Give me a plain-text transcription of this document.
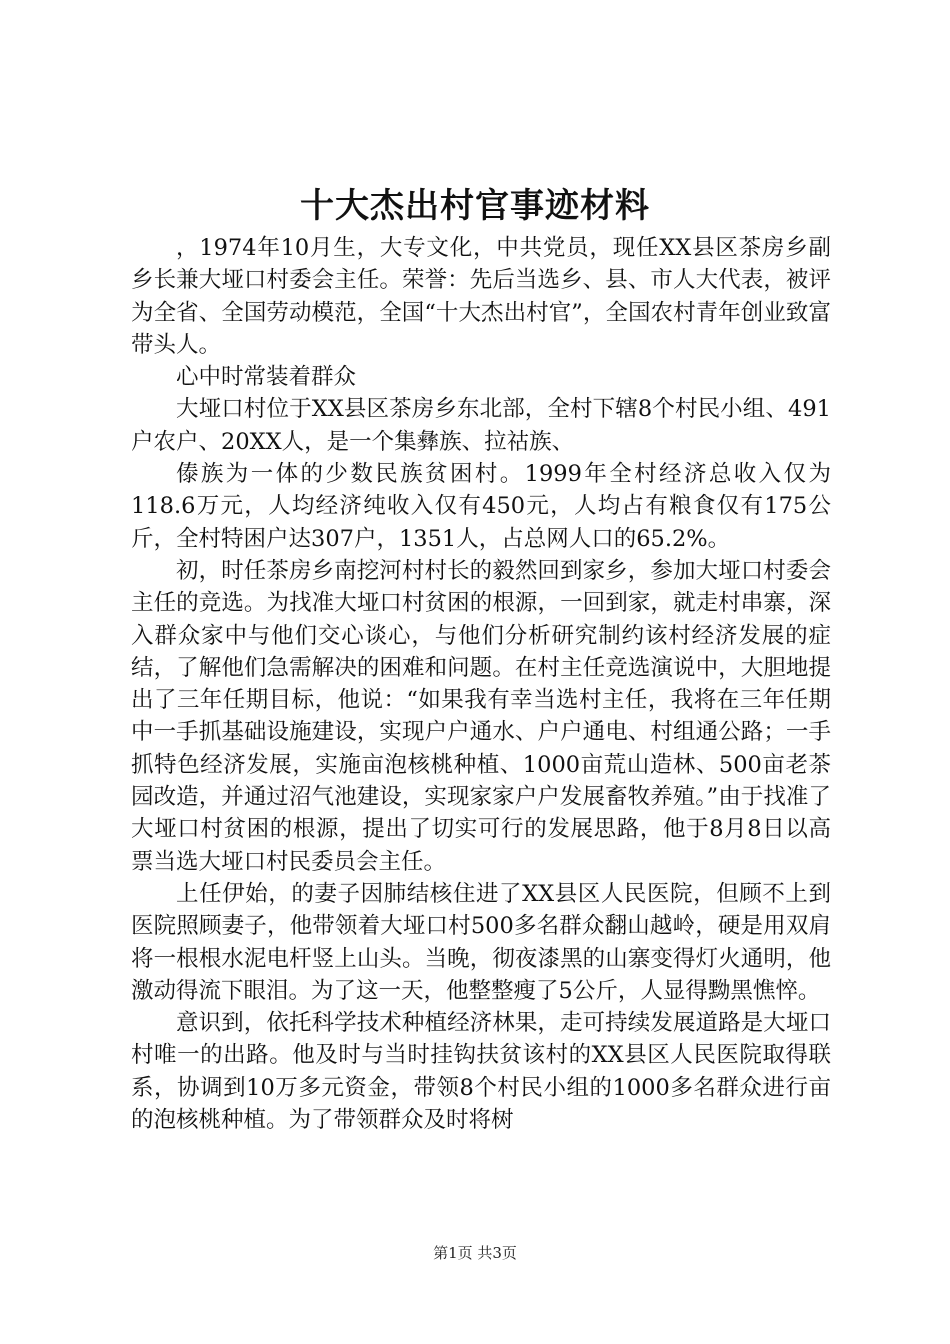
十大杰出村官事迹材料

，1974年10月生，大专文化，中共党员，现任XX县区茶房乡副乡长兼大垭口村委会主任。荣誉：先后当选乡、县、市人大代表，被评为全省、全国劳动模范，全国“十大杰出村官”，全国农村青年创业致富带头人。

心中时常装着群众

大垭口村位于XX县区茶房乡东北部，全村下辖8个村民小组、491户农户、20XX人，是一个集彝族、拉祜族、

傣族为一体的少数民族贫困村。1999年全村经济总收入仅为118.6万元，人均经济纯收入仅有450元，人均占有粮食仅有175公斤，全村特困户达307户，1351人，占总网人口的65.2%。

初，时任茶房乡南挖河村村长的毅然回到家乡，参加大垭口村委会主任的竞选。为找准大垭口村贫困的根源，一回到家，就走村串寨，深入群众家中与他们交心谈心，与他们分析研究制约该村经济发展的症结，了解他们急需解决的困难和问题。在村主任竞选演说中，大胆地提出了三年任期目标，他说：“如果我有幸当选村主任，我将在三年任期中一手抓基础设施建设，实现户户通水、户户通电、村组通公路；一手抓特色经济发展，实施亩泡核桃种植、1000亩荒山造林、500亩老茶园改造，并通过沼气池建设，实现家家户户发展畜牧养殖。”由于找准了大垭口村贫困的根源，提出了切实可行的发展思路，他于8月8日以高票当选大垭口村民委员会主任。

上任伊始，的妻子因肺结核住进了XX县区人民医院，但顾不上到医院照顾妻子，他带领着大垭口村500多名群众翻山越岭，硬是用双肩将一根根水泥电杆竖上山头。当晚，彻夜漆黑的山寨变得灯火通明，他激动得流下眼泪。为了这一天，他整整瘦了5公斤，人显得黝黑憔悴。

意识到，依托科学技术种植经济林果，走可持续发展道路是大垭口村唯一的出路。他及时与当时挂钩扶贫该村的XX县区人民医院取得联系，协调到10万多元资金，带领8个村民小组的1000多名群众进行亩的泡核桃种植。为了带领群众及时将树

第1页 共3页
